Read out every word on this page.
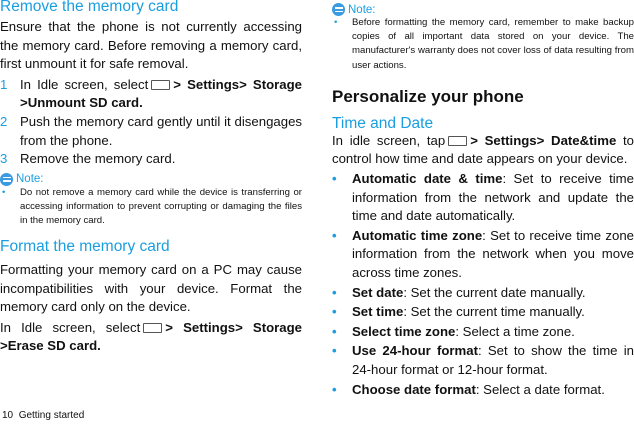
Remove the memory card
Ensure that the phone is not currently accessing the memory card. Before removing a memory card, first unmount it for safe removal.
1 In Idle screen, select > Settings> Storage >Unmount SD card.
2 Push the memory card gently until it disengages from the phone.
3 Remove the memory card.
Note:
• Do not remove a memory card while the device is transferring or accessing information to prevent corrupting or damaging the files in the memory card.
Format the memory card
Formatting your memory card on a PC may cause incompatibilities with your device. Format the memory card only on the device.
In Idle screen, select > Settings> Storage >Erase SD card.
10 Getting started
Note:
• Before formatting the memory card, remember to make backup copies of all important data stored on your device. The manufacturer's warranty does not cover loss of data resulting from user actions.
Personalize your phone
Time and Date
In idle screen, tap > Settings> Date&time to control how time and date appears on your device.
• Automatic date & time: Set to receive time information from the network and update the time and date automatically.
• Automatic time zone: Set to receive time zone information from the network when you move across time zones.
• Set date: Set the current date manually.
• Set time: Set the current time manually.
• Select time zone: Select a time zone.
• Use 24-hour format: Set to show the time in 24-hour format or 12-hour format.
• Choose date format: Select a date format.
